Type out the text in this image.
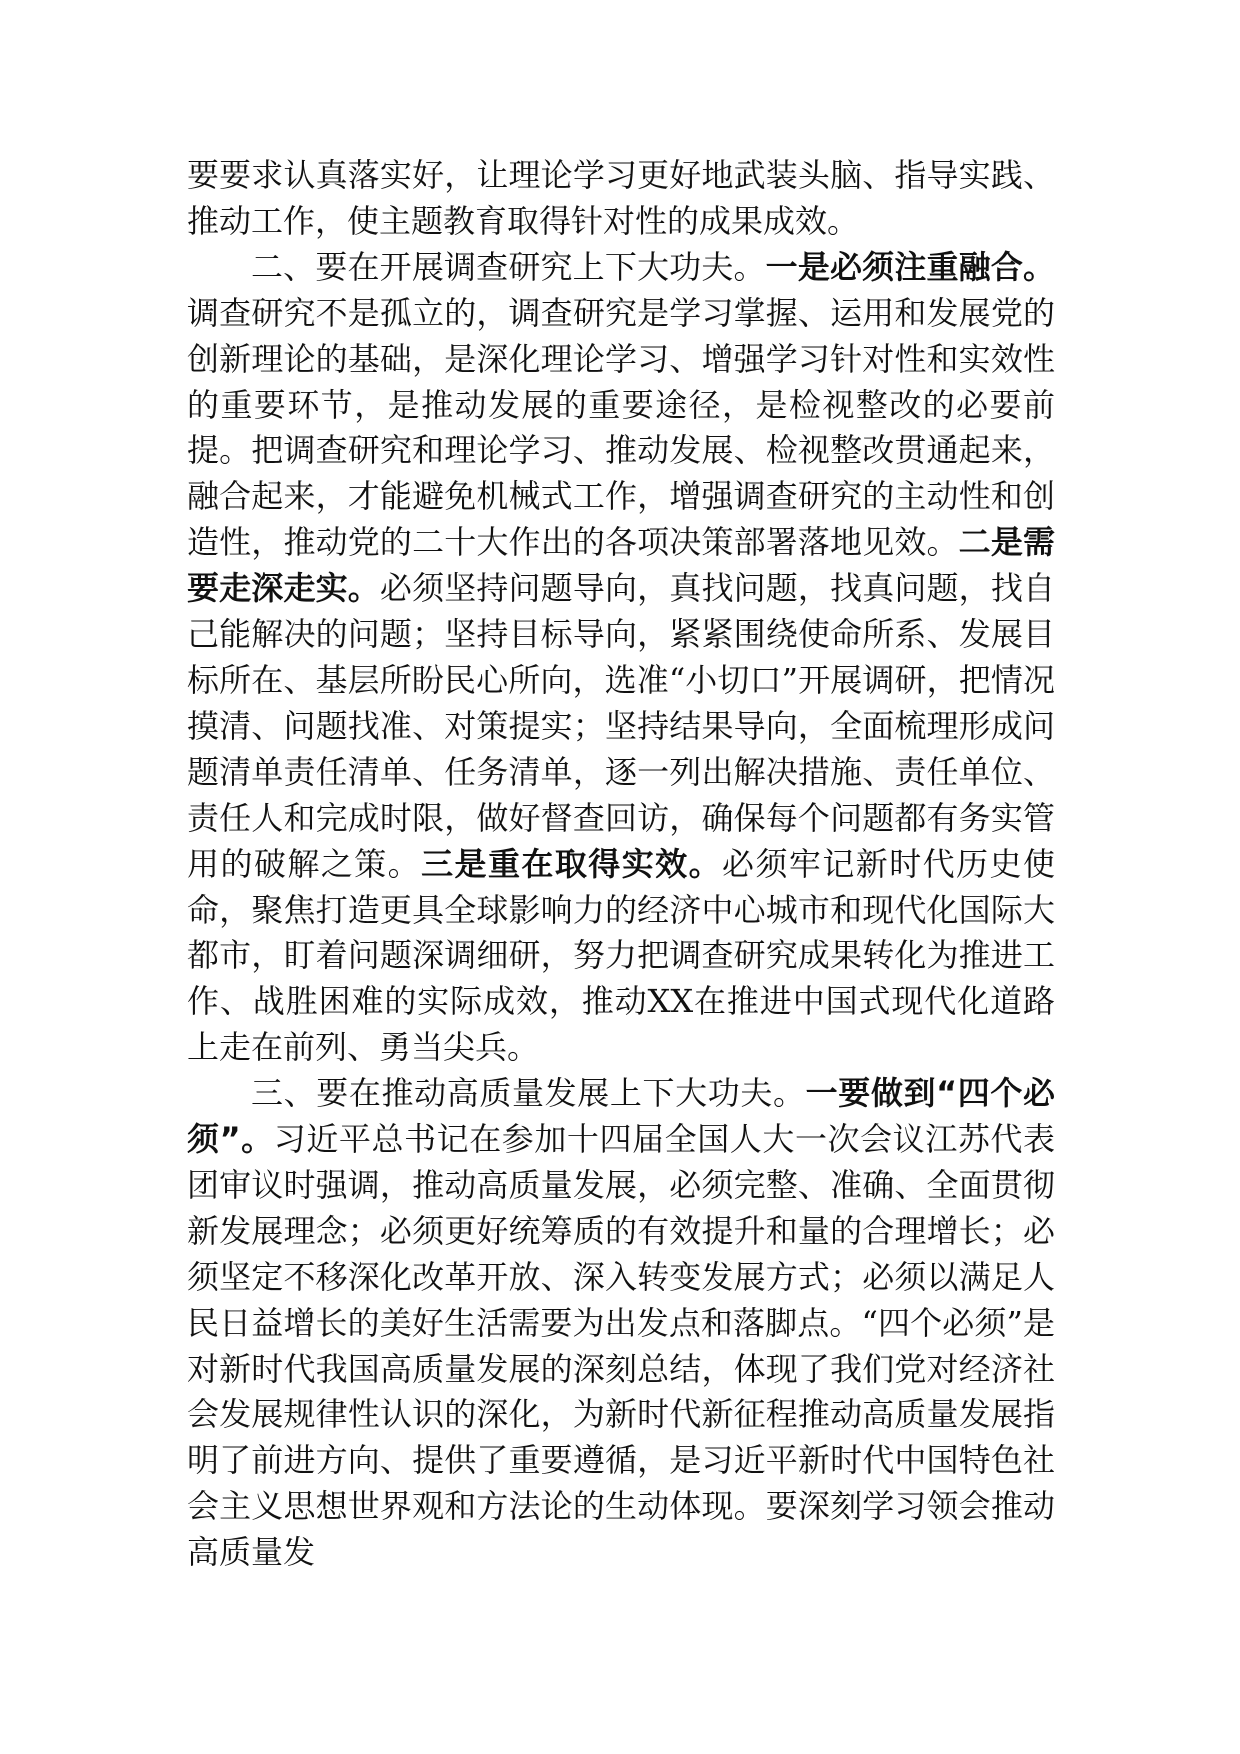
要要求认真落实好，让理论学习更好地武装头脑、指导实践、推动工作，使主题教育取得针对性的成果成效。

二、要在开展调查研究上下大功夫。一是必须注重融合。调查研究不是孤立的，调查研究是学习掌握、运用和发展党的创新理论的基础，是深化理论学习、增强学习针对性和实效性的重要环节，是推动发展的重要途径，是检视整改的必要前提。把调查研究和理论学习、推动发展、检视整改贯通起来，融合起来，才能避免机械式工作，增强调查研究的主动性和创造性，推动党的二十大作出的各项决策部署落地见效。二是需要走深走实。必须坚持问题导向，真找问题，找真问题，找自己能解决的问题；坚持目标导向，紧紧围绕使命所系、发展目标所在、基层所盼民心所向，选准“小切口”开展调研，把情况摸清、问题找准、对策提实；坚持结果导向，全面梳理形成问题清单责任清单、任务清单，逐一列出解决措施、责任单位、责任人和完成时限，做好督查回访，确保每个问题都有务实管用的破解之策。三是重在取得实效。必须牢记新时代历史使命，聚焦打造更具全球影响力的经济中心城市和现代化国际大都市，盯着问题深调细研，努力把调查研究成果转化为推进工作、战胜困难的实际成效，推动XX在推进中国式现代化道路上走在前列、勇当尖兵。

三、要在推动高质量发展上下大功夫。一要做到“四个必须”。习近平总书记在参加十四届全国人大一次会议江苏代表团审议时强调，推动高质量发展，必须完整、准确、全面贯彻新发展理念；必须更好统筹质的有效提升和量的合理增长；必须坚定不移深化改革开放、深入转变发展方式；必须以满足人民日益增长的美好生活需要为出发点和落脚点。“四个必须”是对新时代我国高质量发展的深刻总结，体现了我们党对经济社会发展规律性认识的深化，为新时代新征程推动高质量发展指明了前进方向、提供了重要遵循，是习近平新时代中国特色社会主义思想世界观和方法论的生动体现。要深刻学习领会推动高质量发
